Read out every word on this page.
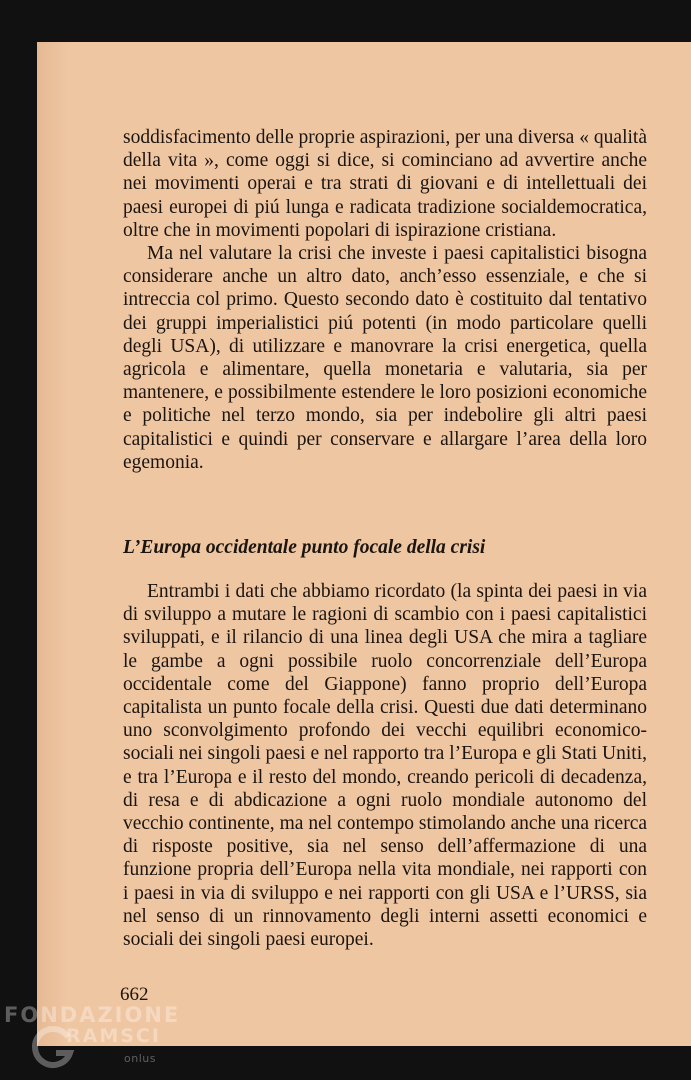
soddisfacimento delle proprie aspirazioni, per una diversa « qualità della vita », come oggi si dice, si cominciano ad avvertire anche nei movimenti operai e tra strati di giovani e di intellettuali dei paesi europei di piú lunga e radicata tradizione socialdemocratica, oltre che in movimenti popolari di ispirazione cristiana.

Ma nel valutare la crisi che investe i paesi capitalistici bisogna considerare anche un altro dato, anch’esso essenziale, e che si intreccia col primo. Questo secondo dato è costituito dal tentativo dei gruppi imperialistici piú potenti (in modo particolare quelli degli USA), di utilizzare e manovrare la crisi energetica, quella agricola e alimentare, quella monetaria e valutaria, sia per mantenere, e possibilmente estendere le loro posizioni economiche e politiche nel terzo mondo, sia per indebolire gli altri paesi capitalistici e quindi per conservare e allargare l’area della loro egemonia.

L’Europa occidentale punto focale della crisi

Entrambi i dati che abbiamo ricordato (la spinta dei paesi in via di sviluppo a mutare le ragioni di scambio con i paesi capitalistici sviluppati, e il rilancio di una linea degli USA che mira a tagliare le gambe a ogni possibile ruolo concorrenziale dell’Europa occidentale come del Giappone) fanno proprio dell’Europa capitalista un punto focale della crisi. Questi due dati determinano uno sconvolgimento profondo dei vecchi equilibri economico-sociali nei singoli paesi e nel rapporto tra l’Europa e gli Stati Uniti, e tra l’Europa e il resto del mondo, creando pericoli di decadenza, di resa e di abdicazione a ogni ruolo mondiale autonomo del vecchio continente, ma nel contempo stimolando anche una ricerca di risposte positive, sia nel senso dell’affermazione di una funzione propria dell’Europa nella vita mondiale, nei rapporti con i paesi in via di sviluppo e nei rapporti con gli USA e l’URSS, sia nel senso di un rinnovamento degli interni assetti economici e sociali dei singoli paesi europei.

662
FONDAZIONE
RAMSCI
onlus
